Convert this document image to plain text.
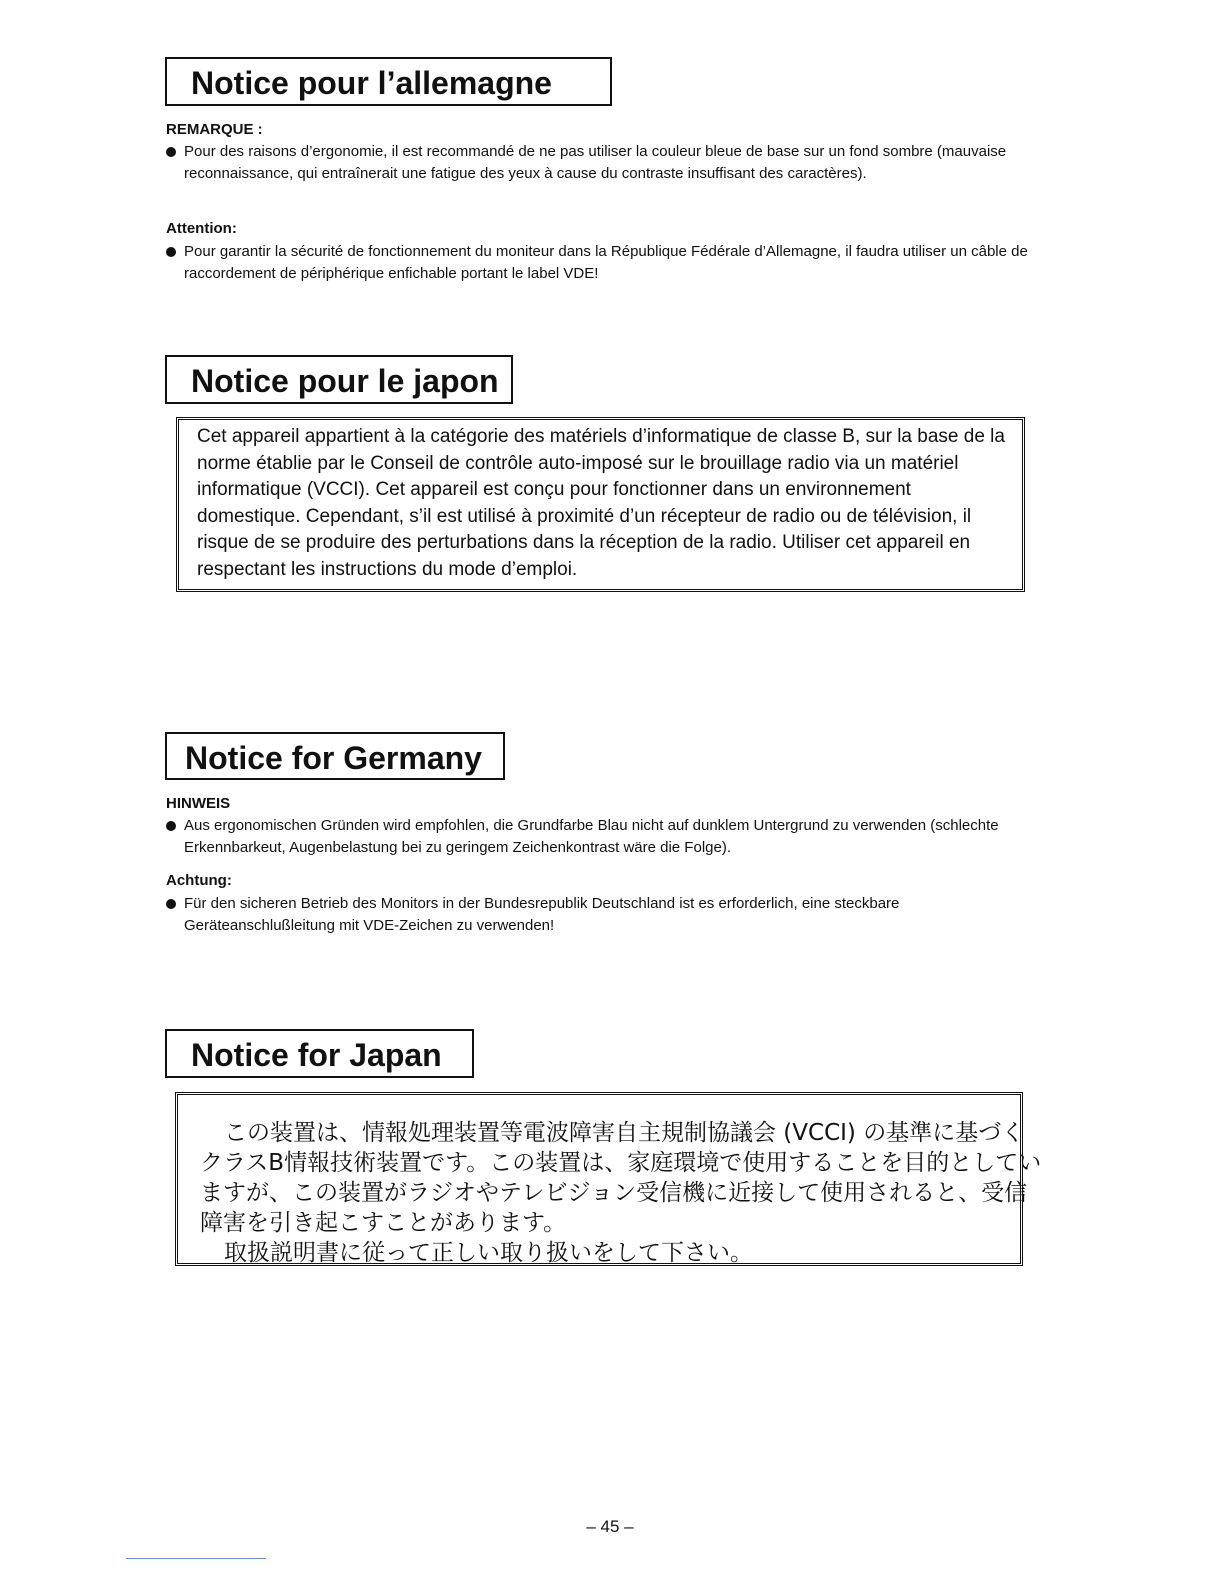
Notice pour l’allemagne
REMARQUE :
Pour des raisons d’ergonomie, il est recommandé de ne pas utiliser la couleur bleue de base sur un fond sombre (mauvaise reconnaissance, qui entraînerait une fatigue des yeux à cause du contraste insuffisant des caractères).
Attention:
Pour garantir la sécurité de fonctionnement du moniteur dans la République Fédérale d’Allemagne, il faudra utiliser un câble de raccordement de périphérique enfichable portant le label VDE!
Notice pour le japon
Cet appareil appartient à la catégorie des matériels d’informatique de classe B, sur la base de la norme établie par le Conseil de contrôle auto-imposé sur le brouillage radio via un matériel informatique (VCCI). Cet appareil est conçu pour fonctionner dans un environnement domestique. Cependant, s’il est utilisé à proximité d’un récepteur de radio ou de télévision, il risque de se produire des perturbations dans la réception de la radio. Utiliser cet appareil en respectant les instructions du mode d’emploi.
Notice for Germany
HINWEIS
Aus ergonomischen Gründen wird empfohlen, die Grundfarbe Blau nicht auf dunklem Untergrund zu verwenden (schlechte Erkennbarkeut, Augenbelastung bei zu geringem Zeichenkontrast wäre die Folge).
Achtung:
Für den sicheren Betrieb des Monitors in der Bundesrepublik Deutschland ist es erforderlich, eine steckbare Geräteanschlußleitung mit VDE-Zeichen zu verwenden!
Notice for Japan
この装置は、情報処理装置等電波障害自主規制協議会 (VCCI) の基準に基づく
クラスB情報技術装置です。この装置は、家庭環境で使用することを目的としてい
ますが、この装置がラジオやテレビジョン受信機に近接して使用されると、受信
障害を引き起こすことがあります。
取扱説明書に従って正しい取り扱いをして下さい。
– 45 –
